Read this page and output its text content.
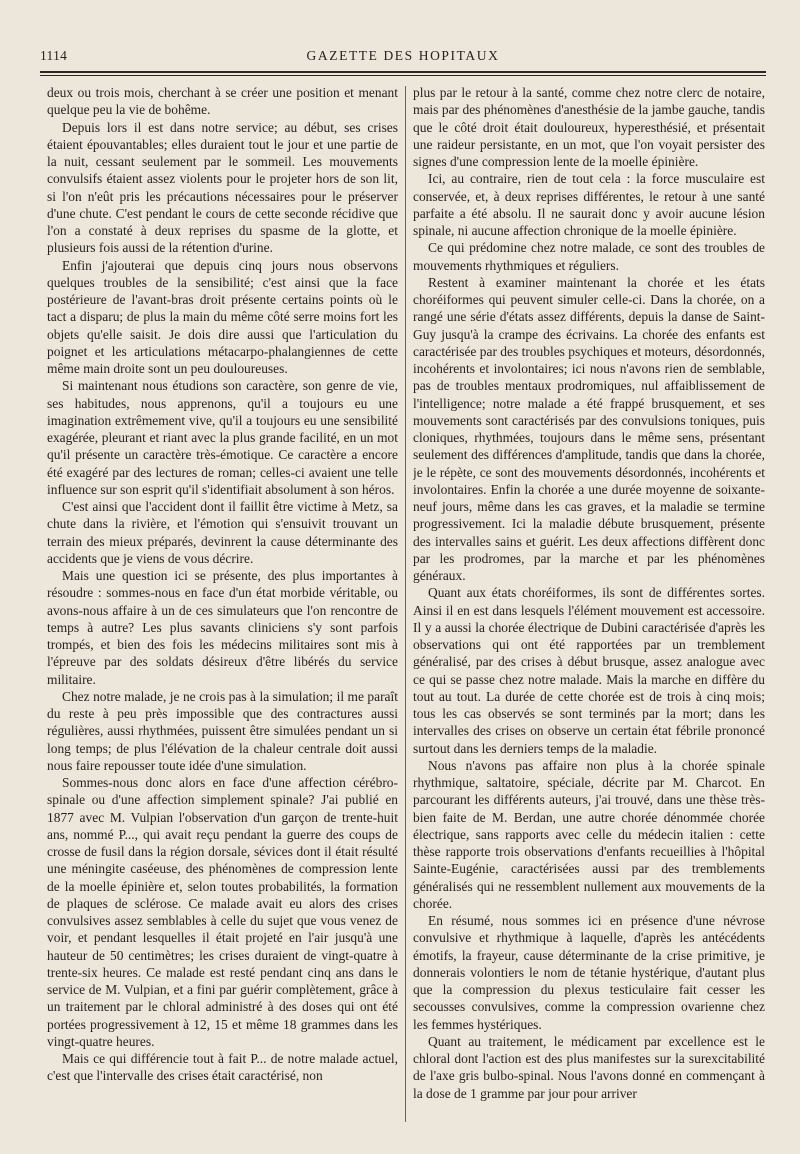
1114	GAZETTE DES HOPITAUX

deux ou trois mois, cherchant à se créer une position et menant quelque peu la vie de bohême.

Depuis lors il est dans notre service; au début, ses crises étaient épouvantables; elles duraient tout le jour et une partie de la nuit, cessant seulement par le sommeil. Les mouvements convulsifs étaient assez violents pour le projeter hors de son lit, si l'on n'eût pris les précautions nécessaires pour le préserver d'une chute. C'est pendant le cours de cette seconde récidive que l'on a constaté à deux reprises du spasme de la glotte, et plusieurs fois aussi de la rétention d'urine.

Enfin j'ajouterai que depuis cinq jours nous observons quelques troubles de la sensibilité; c'est ainsi que la face postérieure de l'avant-bras droit présente certains points où le tact a disparu; de plus la main du même côté serre moins fort les objets qu'elle saisit. Je dois dire aussi que l'articulation du poignet et les articulations métacarpo-phalangiennes de cette même main droite sont un peu douloureuses.

Si maintenant nous étudions son caractère, son genre de vie, ses habitudes, nous apprenons, qu'il a toujours eu une imagination extrêmement vive, qu'il a toujours eu une sensibilité exagérée, pleurant et riant avec la plus grande facilité, en un mot qu'il présente un caractère très-émotique. Ce caractère a encore été exagéré par des lectures de roman; celles-ci avaient une telle influence sur son esprit qu'il s'identifiait absolument à son héros.

C'est ainsi que l'accident dont il faillit être victime à Metz, sa chute dans la rivière, et l'émotion qui s'ensuivit trouvant un terrain des mieux préparés, devinrent la cause déterminante des accidents que je viens de vous décrire.

Mais une question ici se présente, des plus importantes à résoudre : sommes-nous en face d'un état morbide véritable, ou avons-nous affaire à un de ces simulateurs que l'on rencontre de temps à autre? Les plus savants cliniciens s'y sont parfois trompés, et bien des fois les médecins militaires sont mis à l'épreuve par des soldats désireux d'être libérés du service militaire.

Chez notre malade, je ne crois pas à la simulation; il me paraît du reste à peu près impossible que des contractures aussi régulières, aussi rhythmées, puissent être simulées pendant un si long temps; de plus l'élévation de la chaleur centrale doit aussi nous faire repousser toute idée d'une simulation.

Sommes-nous donc alors en face d'une affection cérébro-spinale ou d'une affection simplement spinale? J'ai publié en 1877 avec M. Vulpian l'observation d'un garçon de trente-huit ans, nommé P..., qui avait reçu pendant la guerre des coups de crosse de fusil dans la région dorsale, sévices dont il était résulté une méningite caséeuse, des phénomènes de compression lente de la moelle épinière et, selon toutes probabilités, la formation de plaques de sclérose. Ce malade avait eu alors des crises convulsives assez semblables à celle du sujet que vous venez de voir, et pendant lesquelles il était projeté en l'air jusqu'à une hauteur de 50 centimètres; les crises duraient de vingt-quatre à trente-six heures. Ce malade est resté pendant cinq ans dans le service de M. Vulpian, et a fini par guérir complètement, grâce à un traitement par le chloral administré à des doses qui ont été portées progressivement à 12, 15 et même 18 grammes dans les vingt-quatre heures.

Mais ce qui différencie tout à fait P... de notre malade actuel, c'est que l'intervalle des crises était caractérisé, non

plus par le retour à la santé, comme chez notre clerc de notaire, mais par des phénomènes d'anesthésie de la jambe gauche, tandis que le côté droit était douloureux, hyperesthésié, et présentait une raideur persistante, en un mot, que l'on voyait persister des signes d'une compression lente de la moelle épinière.

Ici, au contraire, rien de tout cela : la force musculaire est conservée, et, à deux reprises différentes, le retour à une santé parfaite a été absolu. Il ne saurait donc y avoir aucune lésion spinale, ni aucune affection chronique de la moelle épinière.

Ce qui prédomine chez notre malade, ce sont des troubles de mouvements rhythmiques et réguliers.

Restent à examiner maintenant la chorée et les états choréiformes qui peuvent simuler celle-ci. Dans la chorée, on a rangé une série d'états assez différents, depuis la danse de Saint-Guy jusqu'à la crampe des écrivains. La chorée des enfants est caractérisée par des troubles psychiques et moteurs, désordonnés, incohérents et involontaires; ici nous n'avons rien de semblable, pas de troubles mentaux prodromiques, nul affaiblissement de l'intelligence; notre malade a été frappé brusquement, et ses mouvements sont caractérisés par des convulsions toniques, puis cloniques, rhythmées, toujours dans le même sens, présentant seulement des différences d'amplitude, tandis que dans la chorée, je le répète, ce sont des mouvements désordonnés, incohérents et involontaires. Enfin la chorée a une durée moyenne de soixante-neuf jours, même dans les cas graves, et la maladie se termine progressivement. Ici la maladie débute brusquement, présente des intervalles sains et guérit. Les deux affections diffèrent donc par les prodromes, par la marche et par les phénomènes généraux.

Quant aux états choréiformes, ils sont de différentes sortes. Ainsi il en est dans lesquels l'élément mouvement est accessoire. Il y a aussi la chorée électrique de Dubini caractérisée d'après les observations qui ont été rapportées par un tremblement généralisé, par des crises à début brusque, assez analogue avec ce qui se passe chez notre malade. Mais la marche en diffère du tout au tout. La durée de cette chorée est de trois à cinq mois; tous les cas observés se sont terminés par la mort; dans les intervalles des crises on observe un certain état fébrile prononcé surtout dans les derniers temps de la maladie.

Nous n'avons pas affaire non plus à la chorée spinale rhythmique, saltatoire, spéciale, décrite par M. Charcot. En parcourant les différents auteurs, j'ai trouvé, dans une thèse très-bien faite de M. Berdan, une autre chorée dénommée chorée électrique, sans rapports avec celle du médecin italien : cette thèse rapporte trois observations d'enfants recueillies à l'hôpital Sainte-Eugénie, caractérisées aussi par des tremblements généralisés qui ne ressemblent nullement aux mouvements de la chorée.

En résumé, nous sommes ici en présence d'une névrose convulsive et rhythmique à laquelle, d'après les antécédents émotifs, la frayeur, cause déterminante de la crise primitive, je donnerais volontiers le nom de tétanie hystérique, d'autant plus que la compression du plexus testiculaire fait cesser les secousses convulsives, comme la compression ovarienne chez les femmes hystériques.

Quant au traitement, le médicament par excellence est le chloral dont l'action est des plus manifestes sur la surexcitabilité de l'axe gris bulbo-spinal. Nous l'avons donné en commençant à la dose de 1 gramme par jour pour arriver
